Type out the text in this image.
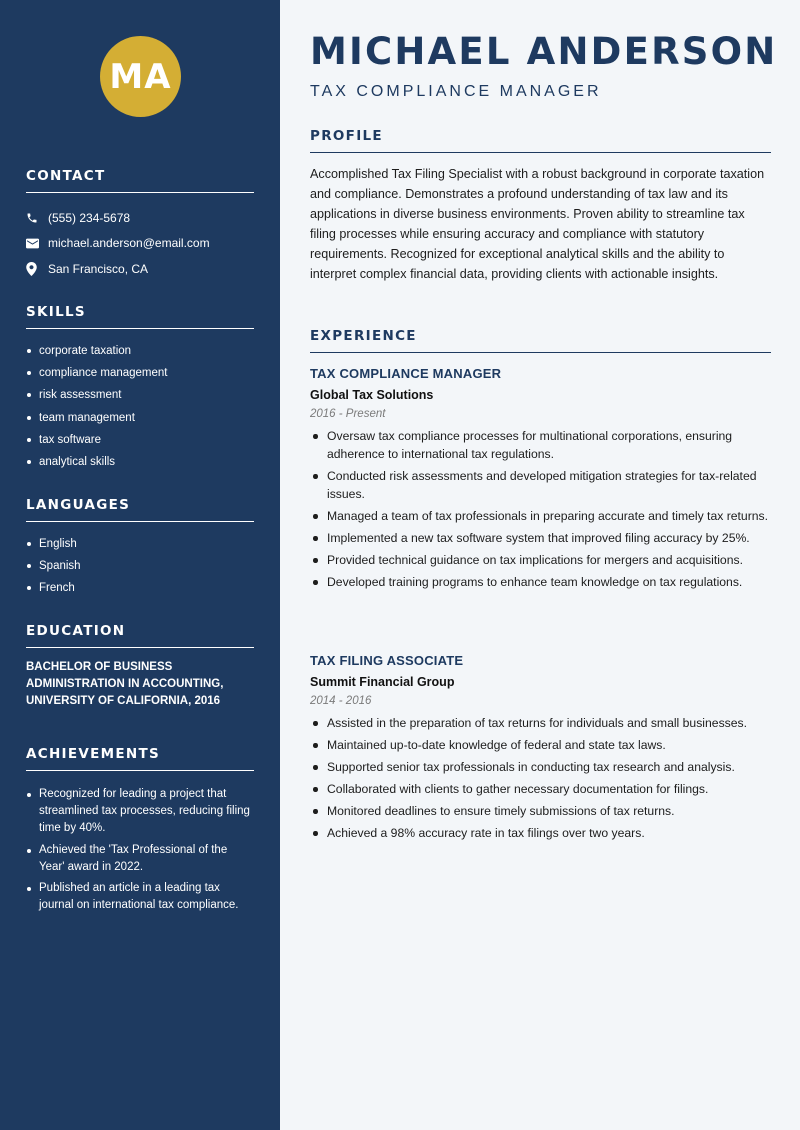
MA
CONTACT
(555) 234-5678
michael.anderson@email.com
San Francisco, CA
SKILLS
corporate taxation
compliance management
risk assessment
team management
tax software
analytical skills
LANGUAGES
English
Spanish
French
EDUCATION
BACHELOR OF BUSINESS ADMINISTRATION IN ACCOUNTING, UNIVERSITY OF CALIFORNIA, 2016
ACHIEVEMENTS
Recognized for leading a project that streamlined tax processes, reducing filing time by 40%.
Achieved the 'Tax Professional of the Year' award in 2022.
Published an article in a leading tax journal on international tax compliance.
MICHAEL ANDERSON
TAX COMPLIANCE MANAGER
PROFILE

Accomplished Tax Filing Specialist with a robust background in corporate taxation and compliance. Demonstrates a profound understanding of tax law and its applications in diverse business environments. Proven ability to streamline tax filing processes while ensuring accuracy and compliance with statutory requirements. Recognized for exceptional analytical skills and the ability to interpret complex financial data, providing clients with actionable insights.

EXPERIENCE
TAX COMPLIANCE MANAGER
Global Tax Solutions
2016 - Present
Oversaw tax compliance processes for multinational corporations, ensuring adherence to international tax regulations.
Conducted risk assessments and developed mitigation strategies for tax-related issues.
Managed a team of tax professionals in preparing accurate and timely tax returns.
Implemented a new tax software system that improved filing accuracy by 25%.
Provided technical guidance on tax implications for mergers and acquisitions.
Developed training programs to enhance team knowledge on tax regulations.
TAX FILING ASSOCIATE
Summit Financial Group
2014 - 2016
Assisted in the preparation of tax returns for individuals and small businesses.
Maintained up-to-date knowledge of federal and state tax laws.
Supported senior tax professionals in conducting tax research and analysis.
Collaborated with clients to gather necessary documentation for filings.
Monitored deadlines to ensure timely submissions of tax returns.
Achieved a 98% accuracy rate in tax filings over two years.
